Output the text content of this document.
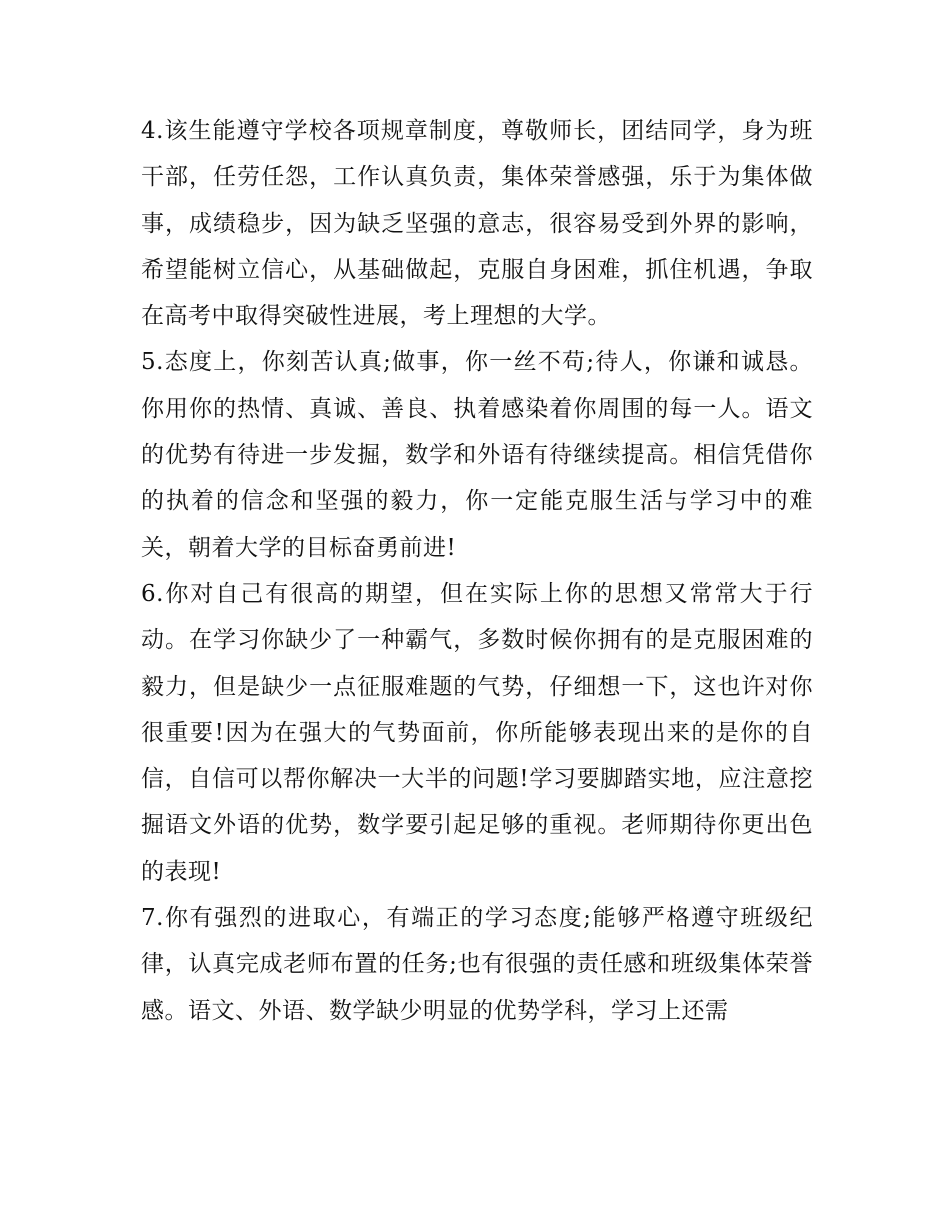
4.该生能遵守学校各项规章制度，尊敬师长，团结同学，身为班干部，任劳任怨，工作认真负责，集体荣誉感强，乐于为集体做事，成绩稳步，因为缺乏坚强的意志，很容易受到外界的影响，希望能树立信心，从基础做起，克服自身困难，抓住机遇，争取在高考中取得突破性进展，考上理想的大学。

5.态度上，你刻苦认真;做事，你一丝不苟;待人，你谦和诚恳。你用你的热情、真诚、善良、执着感染着你周围的每一人。语文的优势有待进一步发掘，数学和外语有待继续提高。相信凭借你的执着的信念和坚强的毅力，你一定能克服生活与学习中的难关，朝着大学的目标奋勇前进!

6.你对自己有很高的期望，但在实际上你的思想又常常大于行动。在学习你缺少了一种霸气，多数时候你拥有的是克服困难的毅力，但是缺少一点征服难题的气势，仔细想一下，这也许对你很重要!因为在强大的气势面前，你所能够表现出来的是你的自信，自信可以帮你解决一大半的问题!学习要脚踏实地，应注意挖掘语文外语的优势，数学要引起足够的重视。老师期待你更出色的表现!

7.你有强烈的进取心，有端正的学习态度;能够严格遵守班级纪律，认真完成老师布置的任务;也有很强的责任感和班级集体荣誉感。语文、外语、数学缺少明显的优势学科，学习上还需
